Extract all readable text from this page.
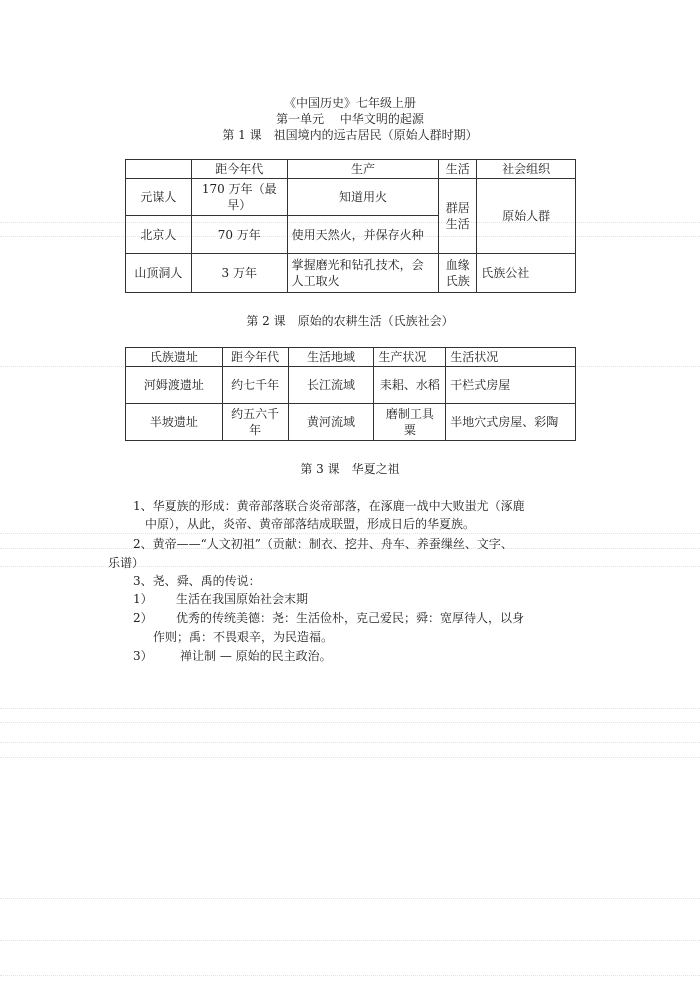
《中国历史》七年级上册
第一单元　 中华文明的起源
第 1 课　祖国境内的远古居民（原始人群时期）
	距今年代	生产	生活	社会组织
元谋人	170 万年（最早）	知道用火	群居生活	原始人群
北京人	70 万年	使用天然火，并保存火种		
山顶洞人	3 万年	掌握磨光和钻孔技术，会人工取火	血缘氏族	氏族公社
第 2 课　原始的农耕生活（氏族社会）
氏族遗址	距今年代	生活地域	生产状况	生活状况
河姆渡遗址	约七千年	长江流域	耒耜、水稻	干栏式房屋
半坡遗址	约五六千年	黄河流域	磨制工具 粟	半地穴式房屋、彩陶
第 3 课　华夏之祖
1、华夏族的形成：黄帝部落联合炎帝部落，在涿鹿一战中大败蚩尤（涿鹿
中原），从此，炎帝、黄帝部落结成联盟，形成日后的华夏族。
2、黄帝——“人文初祖”（贡献：制衣、挖井、舟车、养蚕缫丝、文字、
乐谱）
3、尧、舜、禹的传说：
1） 生活在我国原始社会末期
2） 优秀的传统美德：尧：生活俭朴，克己爱民；舜：宽厚待人，以身
作则；禹：不畏艰辛，为民造福。
3） 禅让制 — 原始的民主政治。
